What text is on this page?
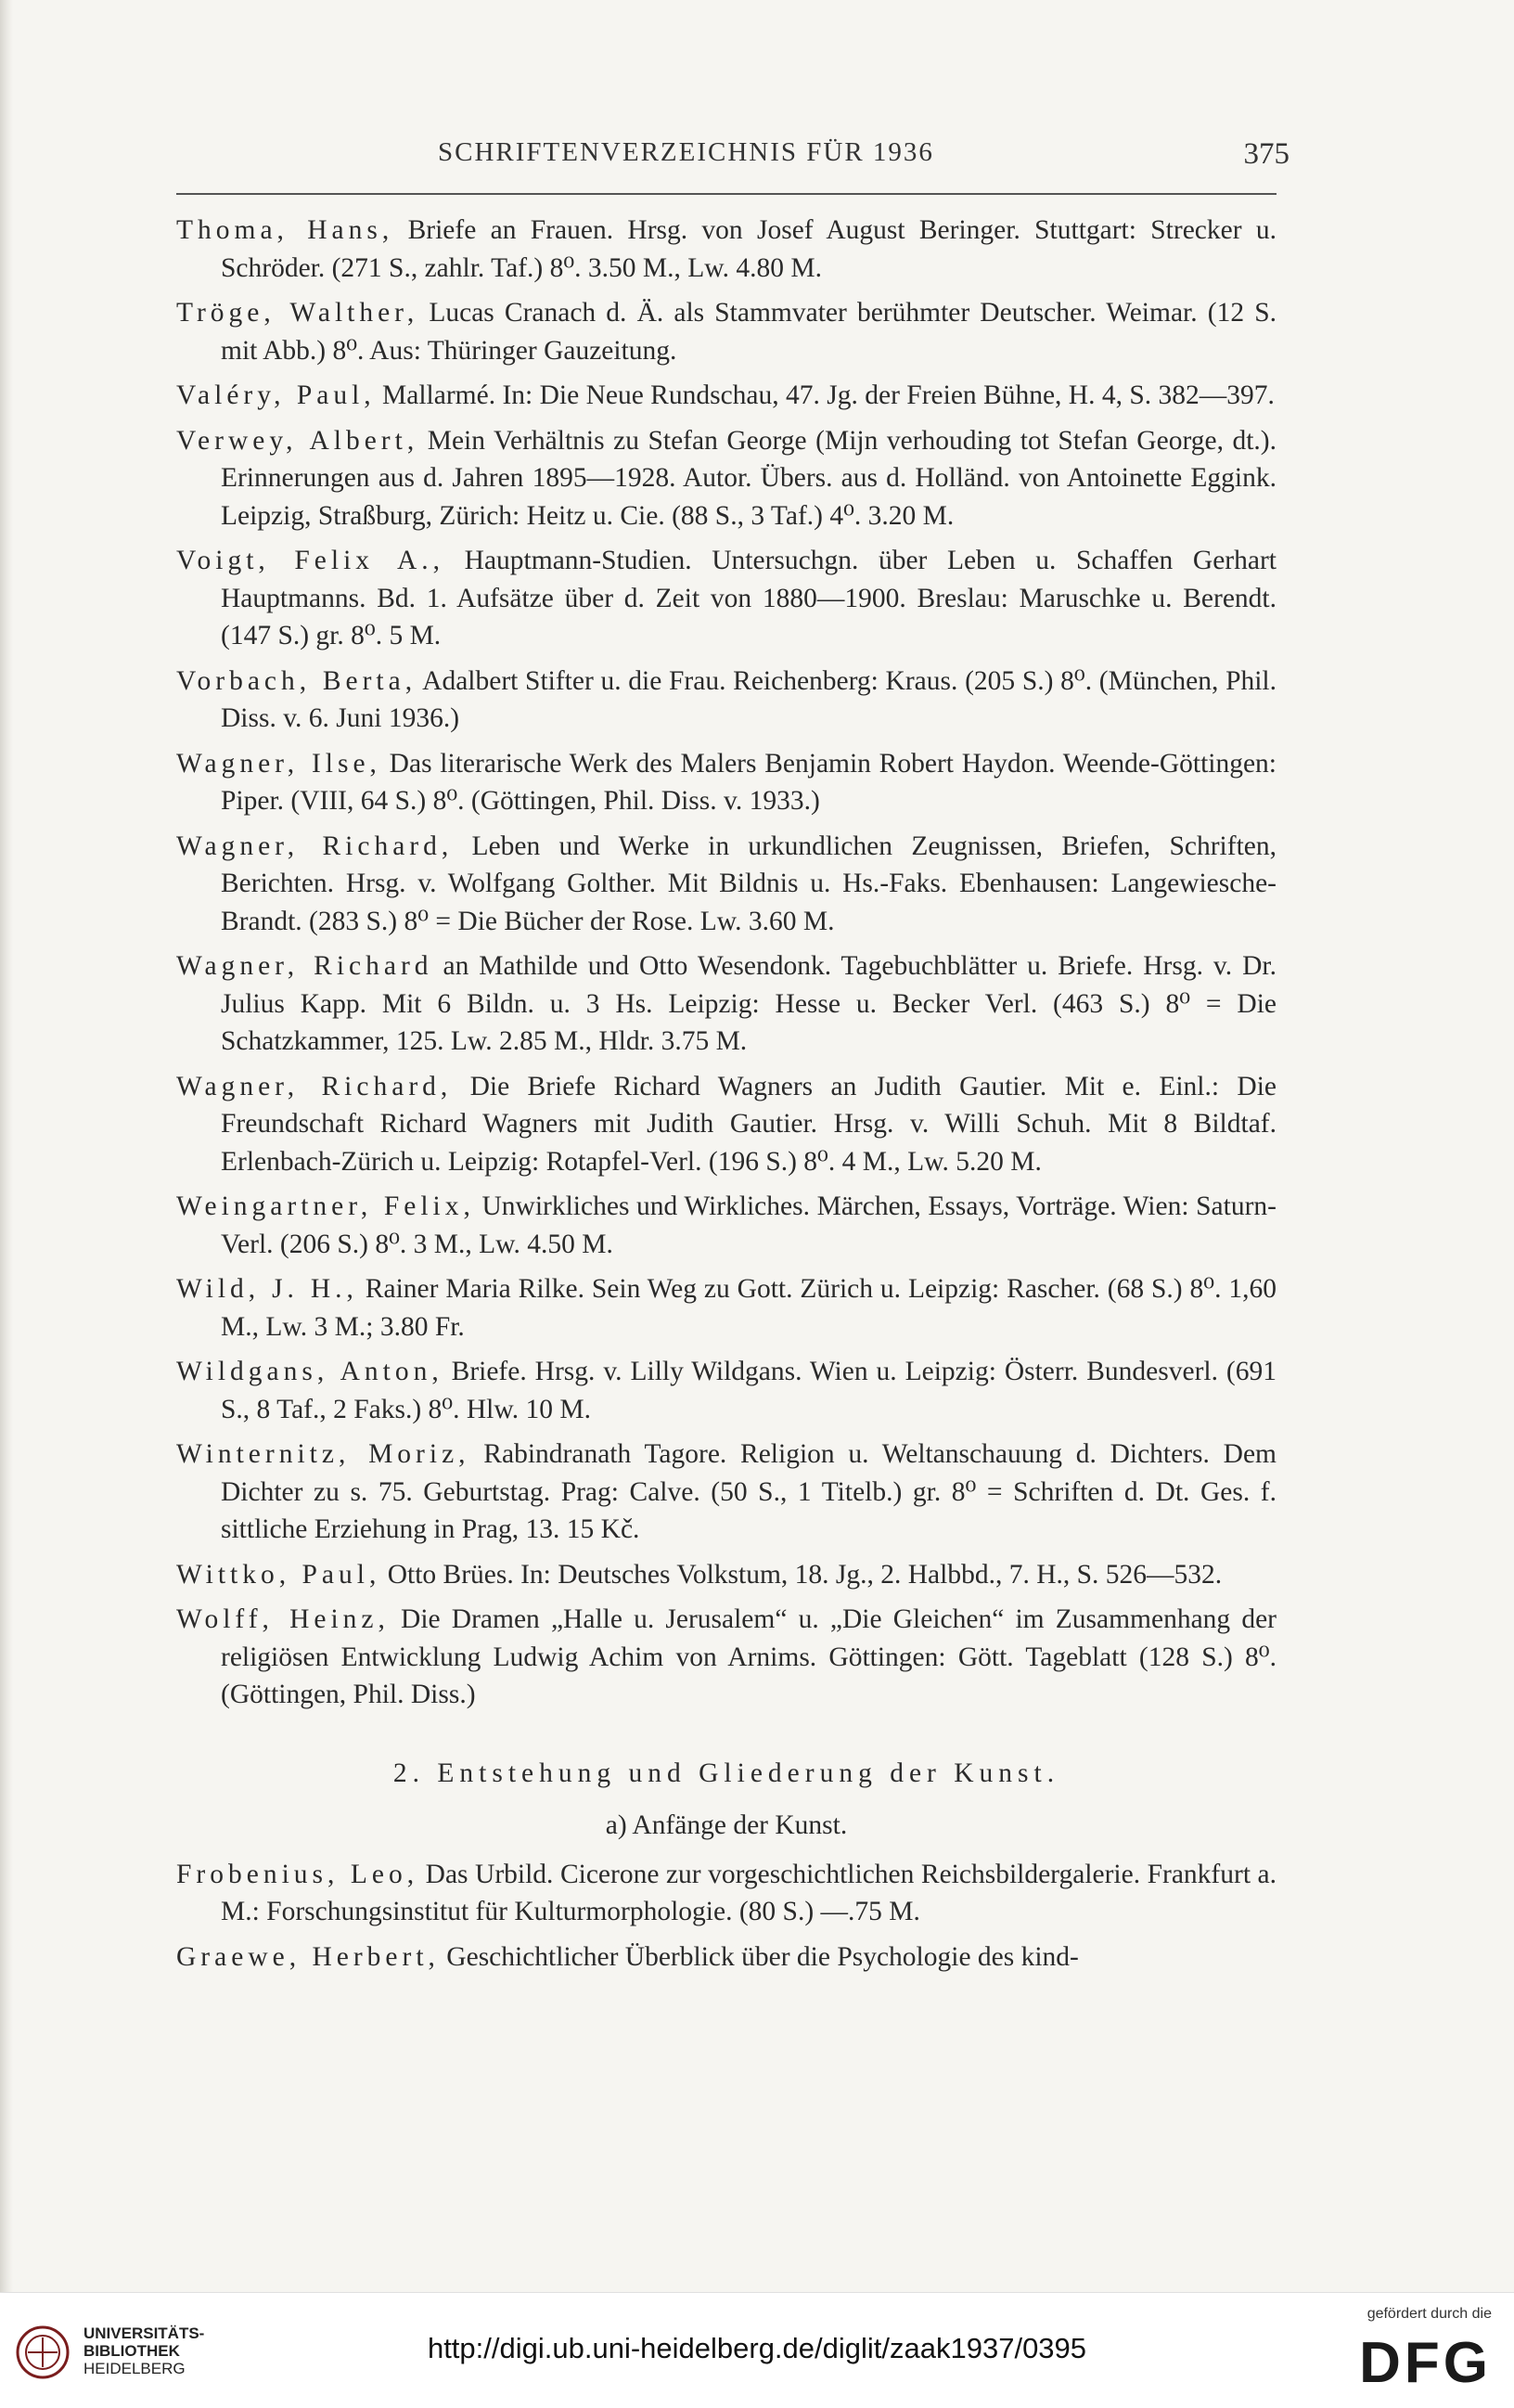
SCHRIFTENVERZEICHNIS FÜR 1936	375

Thoma, Hans, Briefe an Frauen. Hrsg. von Josef August Beringer. Stuttgart: Strecker u. Schröder. (271 S., zahlr. Taf.) 8⁰. 3.50 M., Lw. 4.80 M.

Tröge, Walther, Lucas Cranach d. Ä. als Stammvater berühmter Deutscher. Weimar. (12 S. mit Abb.) 8⁰. Aus: Thüringer Gauzeitung.

Valéry, Paul, Mallarmé. In: Die Neue Rundschau, 47. Jg. der Freien Bühne, H. 4, S. 382—397.

Verwey, Albert, Mein Verhältnis zu Stefan George (Mijn verhouding tot Stefan George, dt.). Erinnerungen aus d. Jahren 1895—1928. Autor. Übers. aus d. Holländ. von Antoinette Eggink. Leipzig, Straßburg, Zürich: Heitz u. Cie. (88 S., 3 Taf.) 4⁰. 3.20 M.

Voigt, Felix A., Hauptmann-Studien. Untersuchgn. über Leben u. Schaffen Gerhart Hauptmanns. Bd. 1. Aufsätze über d. Zeit von 1880—1900. Breslau: Maruschke u. Berendt. (147 S.) gr. 8⁰. 5 M.

Vorbach, Berta, Adalbert Stifter u. die Frau. Reichenberg: Kraus. (205 S.) 8⁰. (München, Phil. Diss. v. 6. Juni 1936.)

Wagner, Ilse, Das literarische Werk des Malers Benjamin Robert Haydon. Weende-Göttingen: Piper. (VIII, 64 S.) 8⁰. (Göttingen, Phil. Diss. v. 1933.)

Wagner, Richard, Leben und Werke in urkundlichen Zeugnissen, Briefen, Schriften, Berichten. Hrsg. v. Wolfgang Golther. Mit Bildnis u. Hs.-Faks. Ebenhausen: Langewiesche-Brandt. (283 S.) 8⁰ = Die Bücher der Rose. Lw. 3.60 M.

Wagner, Richard an Mathilde und Otto Wesendonk. Tagebuchblätter u. Briefe. Hrsg. v. Dr. Julius Kapp. Mit 6 Bildn. u. 3 Hs. Leipzig: Hesse u. Becker Verl. (463 S.) 8⁰ = Die Schatzkammer, 125. Lw. 2.85 M., Hldr. 3.75 M.

Wagner, Richard, Die Briefe Richard Wagners an Judith Gautier. Mit e. Einl.: Die Freundschaft Richard Wagners mit Judith Gautier. Hrsg. v. Willi Schuh. Mit 8 Bildtaf. Erlenbach-Zürich u. Leipzig: Rotapfel-Verl. (196 S.) 8⁰. 4 M., Lw. 5.20 M.

Weingartner, Felix, Unwirkliches und Wirkliches. Märchen, Essays, Vorträge. Wien: Saturn-Verl. (206 S.) 8⁰. 3 M., Lw. 4.50 M.

Wild, J. H., Rainer Maria Rilke. Sein Weg zu Gott. Zürich u. Leipzig: Rascher. (68 S.) 8⁰. 1,60 M., Lw. 3 M.; 3.80 Fr.

Wildgans, Anton, Briefe. Hrsg. v. Lilly Wildgans. Wien u. Leipzig: Österr. Bundesverl. (691 S., 8 Taf., 2 Faks.) 8⁰. Hlw. 10 M.

Winternitz, Moriz, Rabindranath Tagore. Religion u. Weltanschauung d. Dichters. Dem Dichter zu s. 75. Geburtstag. Prag: Calve. (50 S., 1 Titelb.) gr. 8⁰ = Schriften d. Dt. Ges. f. sittliche Erziehung in Prag, 13. 15 Kč.

Wittko, Paul, Otto Brües. In: Deutsches Volkstum, 18. Jg., 2. Halbbd., 7. H., S. 526—532.

Wolff, Heinz, Die Dramen „Halle u. Jerusalem“ u. „Die Gleichen“ im Zusammenhang der religiösen Entwicklung Ludwig Achim von Arnims. Göttingen: Gött. Tageblatt (128 S.) 8⁰. (Göttingen, Phil. Diss.)

2. Entstehung und Gliederung der Kunst.
a) Anfänge der Kunst.

Frobenius, Leo, Das Urbild. Cicerone zur vorgeschichtlichen Reichsbildergalerie. Frankfurt a. M.: Forschungsinstitut für Kulturmorphologie. (80 S.) —.75 M.

Graewe, Herbert, Geschichtlicher Überblick über die Psychologie des kind-

UNIVERSITÄTS-
BIBLIOTHEK
HEIDELBERG
http://digi.ub.uni-heidelberg.de/diglit/zaak1937/0395
gefördert durch die
DFG
